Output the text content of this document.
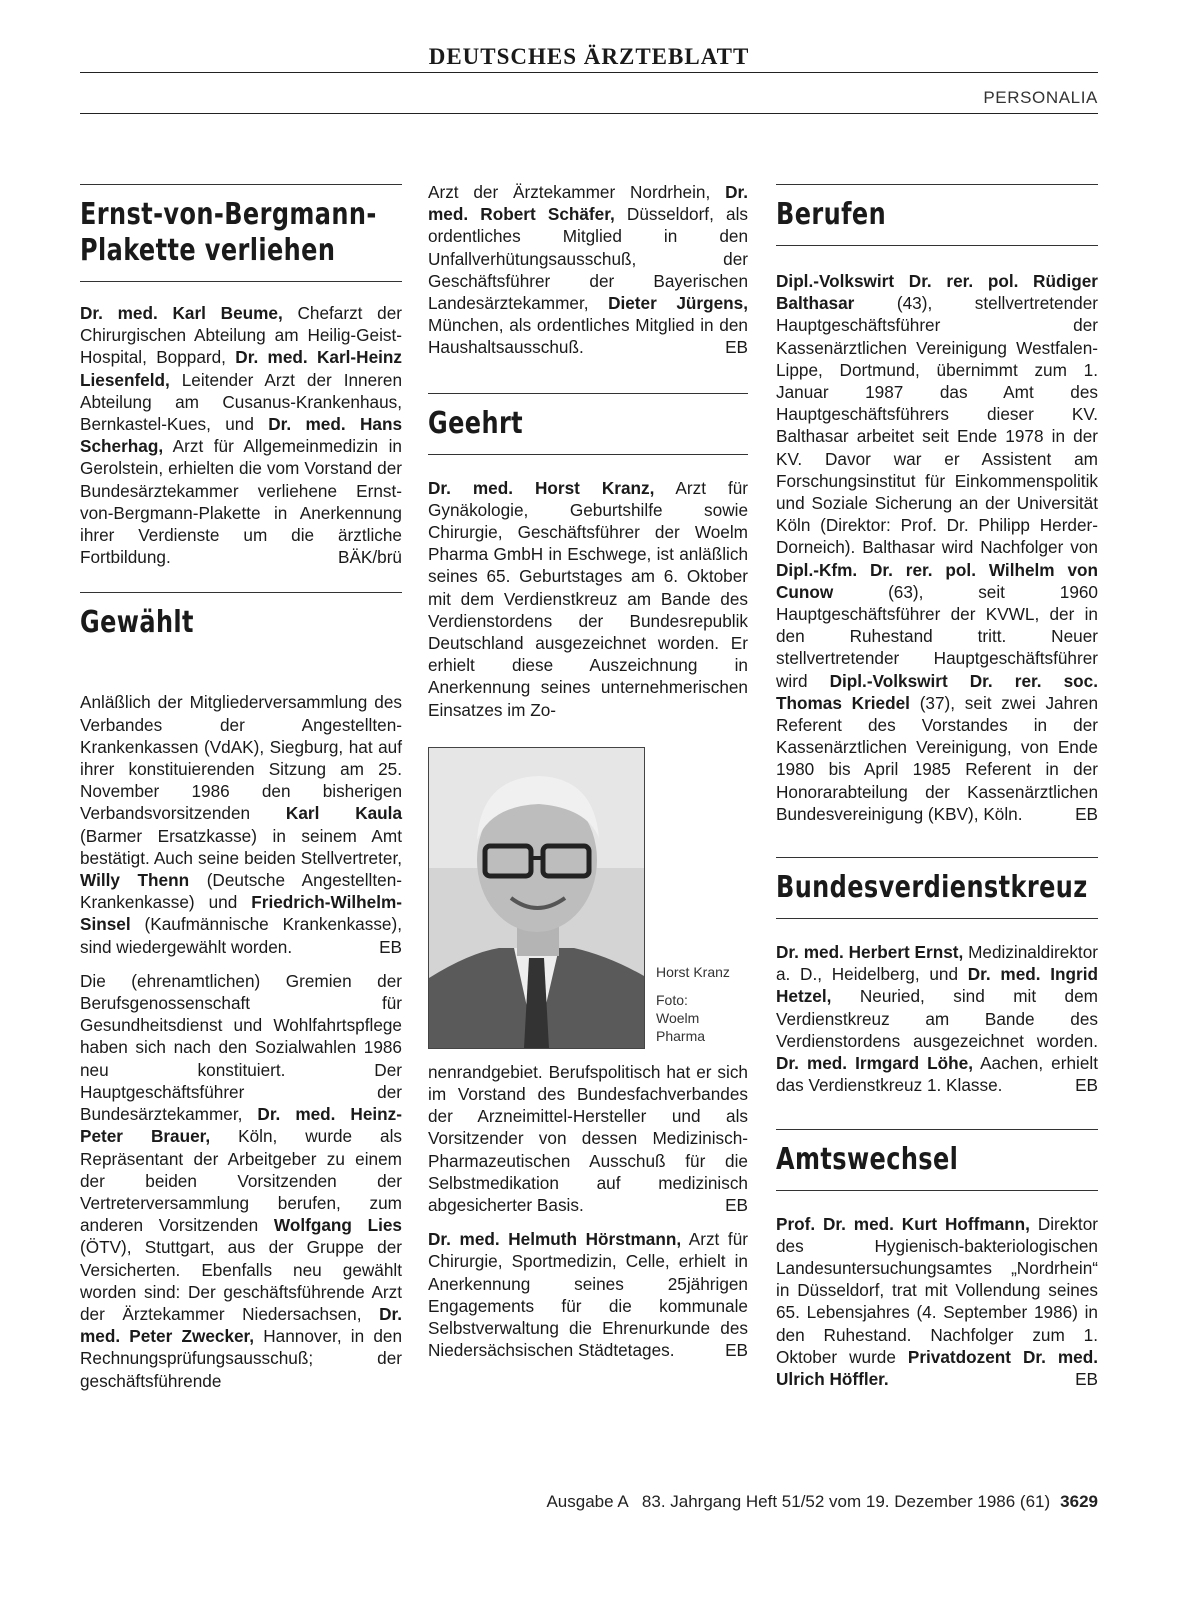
DEUTSCHES ÄRZTEBLATT
PERSONALIA
Ernst-von-Bergmann-
Plakette verliehen

Dr. med. Karl Beume, Chefarzt der Chirurgischen Abteilung am Heilig-Geist-Hospital, Boppard, Dr. med. Karl-Heinz Liesenfeld, Leitender Arzt der Inneren Abteilung am Cusanus-Krankenhaus, Bernkastel-Kues, und Dr. med. Hans Scherhag, Arzt für Allgemeinmedizin in Gerolstein, erhielten die vom Vorstand der Bundesärztekammer verliehene Ernst-von-Bergmann-Plakette in Anerkennung ihrer Verdienste um die ärztliche Fortbildung.	BÄK/brü

Gewählt

Anläßlich der Mitgliederversammlung des Verbandes der Angestellten-Krankenkassen (VdAK), Siegburg, hat auf ihrer konstituierenden Sitzung am 25. November 1986 den bisherigen Verbandsvorsitzenden Karl Kaula (Barmer Ersatzkasse) in seinem Amt bestätigt. Auch seine beiden Stellvertreter, Willy Thenn (Deutsche Angestellten-Krankenkasse) und Friedrich-Wilhelm-Sinsel (Kaufmännische Krankenkasse), sind wiedergewählt worden.	EB

Die (ehrenamtlichen) Gremien der Berufsgenossenschaft für Gesundheitsdienst und Wohlfahrtspflege haben sich nach den Sozialwahlen 1986 neu konstituiert. Der Hauptgeschäftsführer der Bundesärztekammer, Dr. med. Heinz-Peter Brauer, Köln, wurde als Repräsentant der Arbeitgeber zu einem der beiden Vorsitzenden der Vertreterversammlung berufen, zum anderen Vorsitzenden Wolfgang Lies (ÖTV), Stuttgart, aus der Gruppe der Versicherten. Ebenfalls neu gewählt worden sind: Der geschäftsführende Arzt der Ärztekammer Niedersachsen, Dr. med. Peter Zwecker, Hannover, in den Rechnungsprüfungsausschuß; der geschäftsführende

Arzt der Ärztekammer Nordrhein, Dr. med. Robert Schäfer, Düsseldorf, als ordentliches Mitglied in den Unfallverhütungsausschuß, der Geschäftsführer der Bayerischen Landesärztekammer, Dieter Jürgens, München, als ordentliches Mitglied in den Haushaltsausschuß.	EB

Geehrt

Dr. med. Horst Kranz, Arzt für Gynäkologie, Geburtshilfe sowie Chirurgie, Geschäftsführer der Woelm Pharma GmbH in Eschwege, ist anläßlich seines 65. Geburtstages am 6. Oktober mit dem Verdienstkreuz am Bande des Verdienstordens der Bundesrepublik Deutschland ausgezeichnet worden. Er erhielt diese Auszeichnung in Anerkennung seines unternehmerischen Einsatzes im Zo-

Horst Kranz
Foto: Woelm Pharma

nenrandgebiet. Berufspolitisch hat er sich im Vorstand des Bundesfachverbandes der Arzneimittel-Hersteller und als Vorsitzender von dessen Medizinisch-Pharmazeutischen Ausschuß für die Selbstmedikation auf medizinisch abgesicherter Basis.	EB

Dr. med. Helmuth Hörstmann, Arzt für Chirurgie, Sportmedizin, Celle, erhielt in Anerkennung seines 25jährigen Engagements für die kommunale Selbstverwaltung die Ehrenurkunde des Niedersächsischen Städtetages.	EB

Berufen

Dipl.-Volkswirt Dr. rer. pol. Rüdiger Balthasar (43), stellvertretender Hauptgeschäftsführer der Kassenärztlichen Vereinigung Westfalen-Lippe, Dortmund, übernimmt zum 1. Januar 1987 das Amt des Hauptgeschäftsführers dieser KV. Balthasar arbeitet seit Ende 1978 in der KV. Davor war er Assistent am Forschungsinstitut für Einkommenspolitik und Soziale Sicherung an der Universität Köln (Direktor: Prof. Dr. Philipp Herder-Dorneich). Balthasar wird Nachfolger von Dipl.-Kfm. Dr. rer. pol. Wilhelm von Cunow (63), seit 1960 Hauptgeschäftsführer der KVWL, der in den Ruhestand tritt. Neuer stellvertretender Hauptgeschäftsführer wird Dipl.-Volkswirt Dr. rer. soc. Thomas Kriedel (37), seit zwei Jahren Referent des Vorstandes in der Kassenärztlichen Vereinigung, von Ende 1980 bis April 1985 Referent in der Honorarabteilung der Kassenärztlichen Bundesvereinigung (KBV), Köln.	EB

Bundesverdienstkreuz

Dr. med. Herbert Ernst, Medizinaldirektor a. D., Heidelberg, und Dr. med. Ingrid Hetzel, Neuried, sind mit dem Verdienstkreuz am Bande des Verdienstordens ausgezeichnet worden. Dr. med. Irmgard Löhe, Aachen, erhielt das Verdienstkreuz 1. Klasse.	EB

Amtswechsel

Prof. Dr. med. Kurt Hoffmann, Direktor des Hygienisch-bakteriologischen Landesuntersuchungsamtes „Nordrhein“ in Düsseldorf, trat mit Vollendung seines 65. Lebensjahres (4. September 1986) in den Ruhestand. Nachfolger zum 1. Oktober wurde Privatdozent Dr. med. Ulrich Höffler.	EB

Ausgabe A   83. Jahrgang Heft 51/52 vom 19. Dezember 1986 (61) 3629
